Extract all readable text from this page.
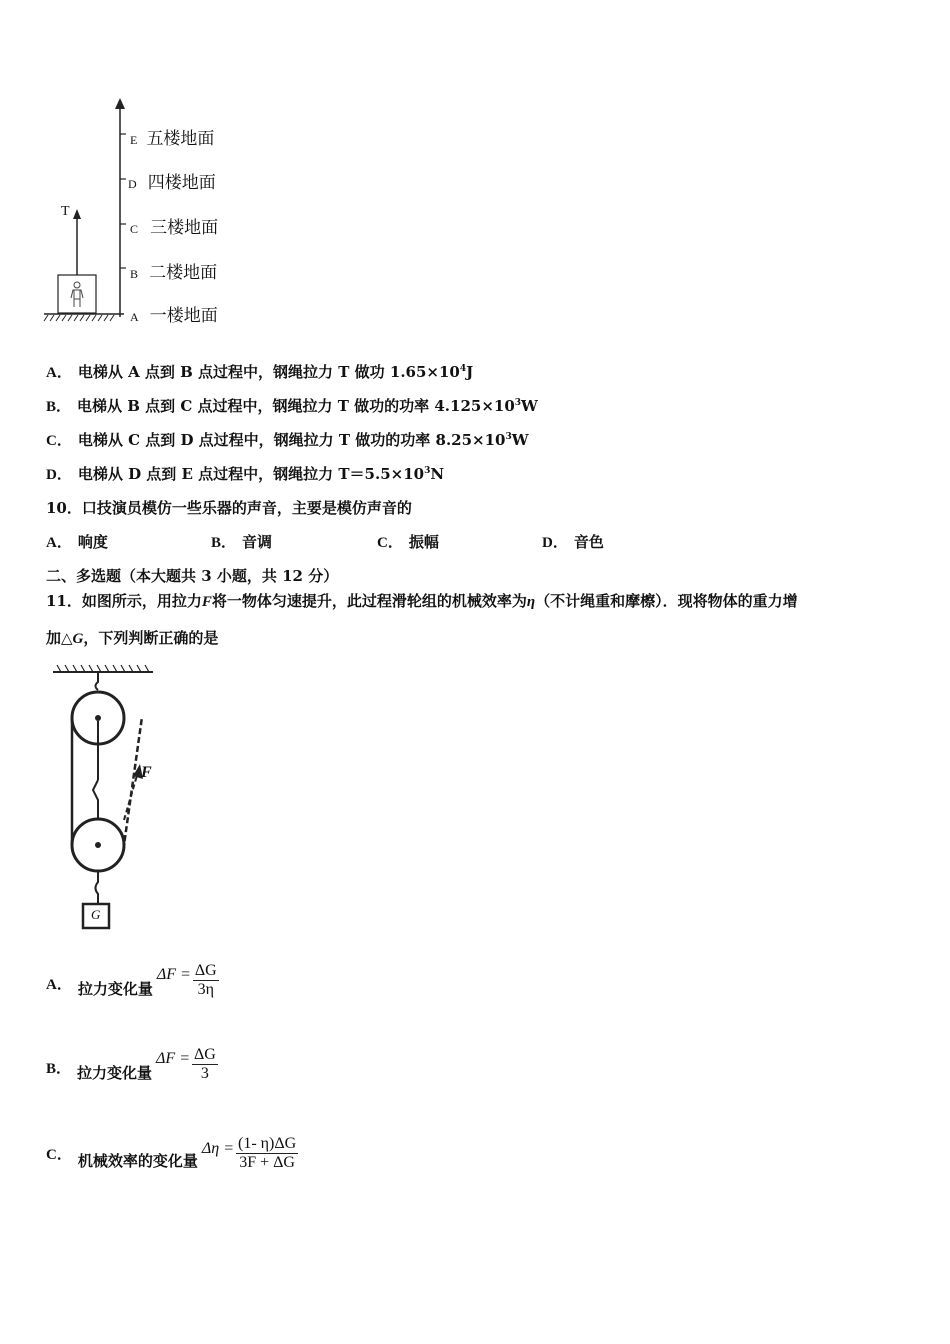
T
E 五楼地面
D 四楼地面
C 三楼地面
B 二楼地面
A 一楼地面
A． 电梯从 A 点到 B 点过程中，钢绳拉力 T 做功 $1.65\times 10^4J$
B． 电梯从 B 点到 C 点过程中，钢绳拉力 T 做功的功率 $4.125\times 10^3W$
C． 电梯从 C 点到 D 点过程中，钢绳拉力 T 做功的功率 $8.25\times 10^3W$
D． 电梯从 D 点到 E 点过程中，钢绳拉力 $T=5.5\times 10^3N$
10．口技演员模仿一些乐器的声音，主要是模仿声音的
A． 响度	B． 音调	C． 振幅	D． 音色
二、多选题（本大题共 3 小题，共 12 分）
11．如图所示，用拉力F将一物体匀速提升，此过程滑轮组的机械效率为η（不计绳重和摩檫）．现将物体的重力增
加△G，下列判断正确的是
F
G
A． 拉力变化量
$\Delta F = \frac{\Delta G}{3\eta}$
B． 拉力变化量
$\Delta F = \frac{\Delta G}{3}$
C． 机械效率的变化量
$\Delta\eta = \frac{(1- \eta)\Delta G}{3F + \Delta G}$
